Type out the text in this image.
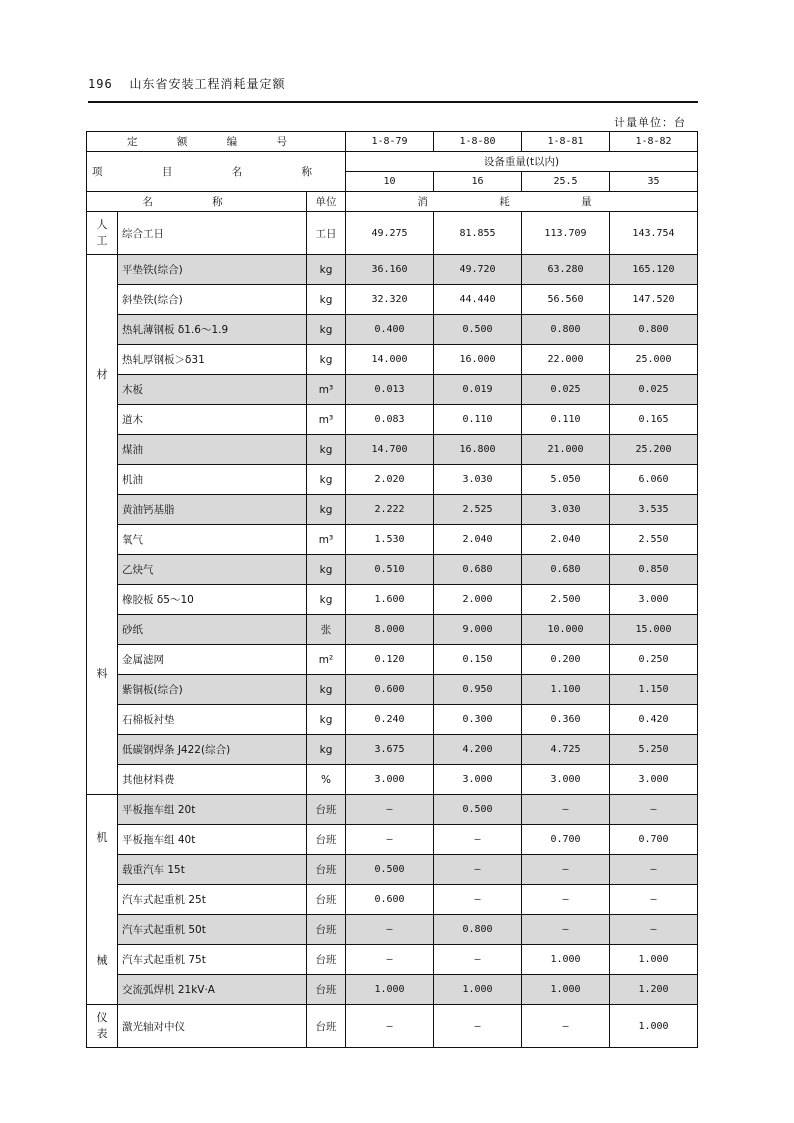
196 山东省安装工程消耗量定额
计量单位：台
定 额 编 号			1-8-79	1-8-80	1-8-81	1-8-82
项 目 名 称			设备重量(t以内)			
			10	16	25.5	35
名 称		单位	消 耗 量			

人
工	综合工日	工日	49.275	81.855	113.709	143.754

材
料	平垫铁(综合)	kg	36.160	49.720	63.280	165.120
	斜垫铁(综合)	kg	32.320	44.440	56.560	147.520
	热轧薄钢板 δ1.6～1.9	kg	0.400	0.500	0.800	0.800
	热轧厚钢板＞δ31	kg	14.000	16.000	22.000	25.000
	木板	m³	0.013	0.019	0.025	0.025
	道木	m³	0.083	0.110	0.110	0.165
	煤油	kg	14.700	16.800	21.000	25.200
	机油	kg	2.020	3.030	5.050	6.060
	黄油钙基脂	kg	2.222	2.525	3.030	3.535
	氧气	m³	1.530	2.040	2.040	2.550
	乙炔气	kg	0.510	0.680	0.680	0.850
	橡胶板 δ5～10	kg	1.600	2.000	2.500	3.000
	砂纸	张	8.000	9.000	10.000	15.000
	金属滤网	m²	0.120	0.150	0.200	0.250
	紫铜板(综合)	kg	0.600	0.950	1.100	1.150
	石棉板衬垫	kg	0.240	0.300	0.360	0.420
	低碳钢焊条 J422(综合)	kg	3.675	4.200	4.725	5.250
	其他材料费	%	3.000	3.000	3.000	3.000

机
械	平板拖车组 20t	台班	—	0.500	—	—
	平板拖车组 40t	台班	—	—	0.700	0.700
	载重汽车 15t	台班	0.500	—	—	—
	汽车式起重机 25t	台班	0.600	—	—	—
	汽车式起重机 50t	台班	—	0.800	—	—
	汽车式起重机 75t	台班	—	—	1.000	1.000
	交流弧焊机 21kV·A	台班	1.000	1.000	1.000	1.200

仪
表	激光轴对中仪	台班	—	—	—	1.000
